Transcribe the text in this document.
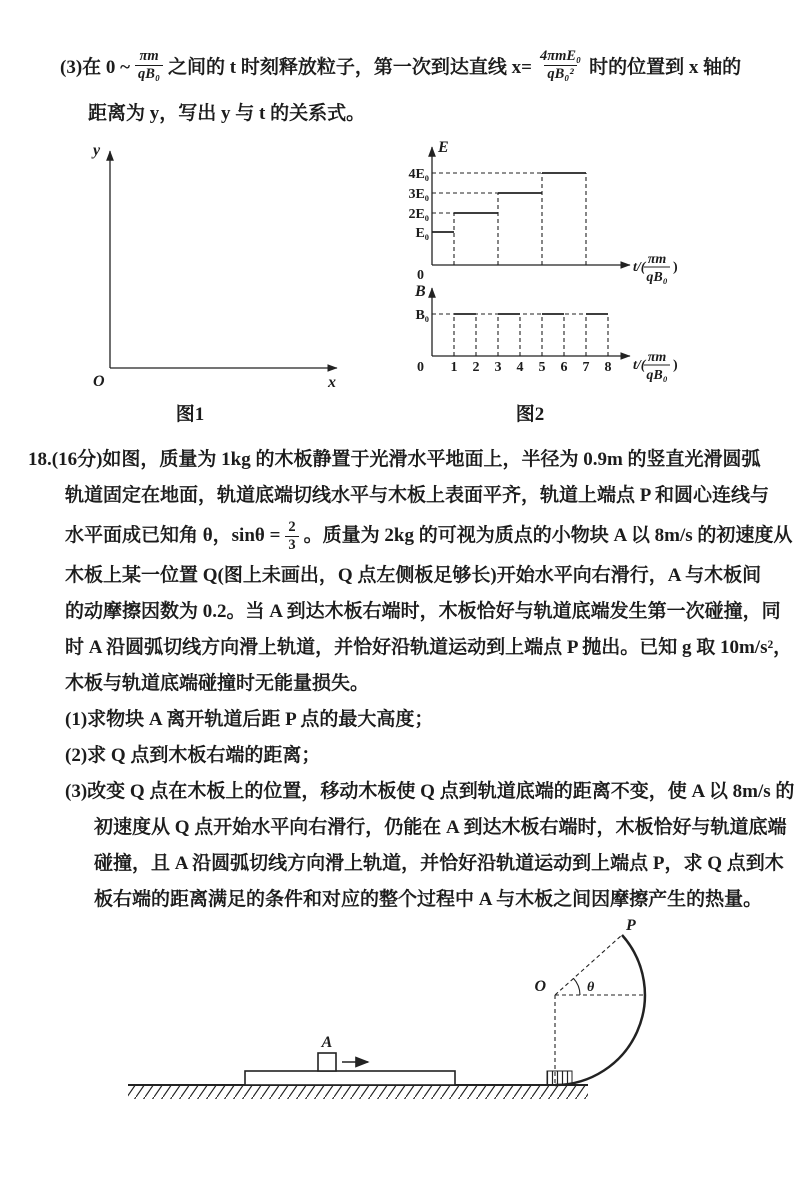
(3)在 0 ~ $\frac{\pi m}{\text{qB₀}}$ 之间的 t 时刻释放粒子，第一次到达直线 $x= \frac{\text{4πmE₀}}{\text{qB₀²}}$ 时的位置到 x 轴的
距离为 y，写出 y 与 t 的关系式。
y
x
O
图1
E
4E₀
3E₀
2E₀
E₀
0
t/(
πm
qB₀
)
B
B₀
0 1 2 3 4 5 6 7 8 t/(
πm
qB₀
)
图2
18.(16分)如图，质量为 1kg 的木板静置于光滑水平地面上，半径为 0.9m 的竖直光滑圆弧
轨道固定在地面，轨道底端切线水平与木板上表面平齐，轨道上端点 P 和圆心连线与
水平面成已知角 θ，$\sin\theta = \frac{2}{3}$ 。质量为 2kg 的可视为质点的小物块 A 以 8m/s 的初速度从
木板上某一位置 Q(图上未画出，Q 点左侧板足够长)开始水平向右滑行，A 与木板间
的动摩擦因数为 0.2。当 A 到达木板右端时，木板恰好与轨道底端发生第一次碰撞，同
时 A 沿圆弧切线方向滑上轨道，并恰好沿轨道运动到上端点 P 抛出。已知 g 取 10m/s²，
木板与轨道底端碰撞时无能量损失。
(1)求物块 A 离开轨道后距 P 点的最大高度；
(2)求 Q 点到木板右端的距离；
(3)改变 Q 点在木板上的位置，移动木板使 Q 点到轨道底端的距离不变，使 A 以 8m/s 的
初速度从 Q 点开始水平向右滑行，仍能在 A 到达木板右端时，木板恰好与轨道底端
碰撞，且 A 沿圆弧切线方向滑上轨道，并恰好沿轨道运动到上端点 P，求 Q 点到木
板右端的距离满足的条件和对应的整个过程中 A 与木板之间因摩擦产生的热量。
A
θ
O
P
